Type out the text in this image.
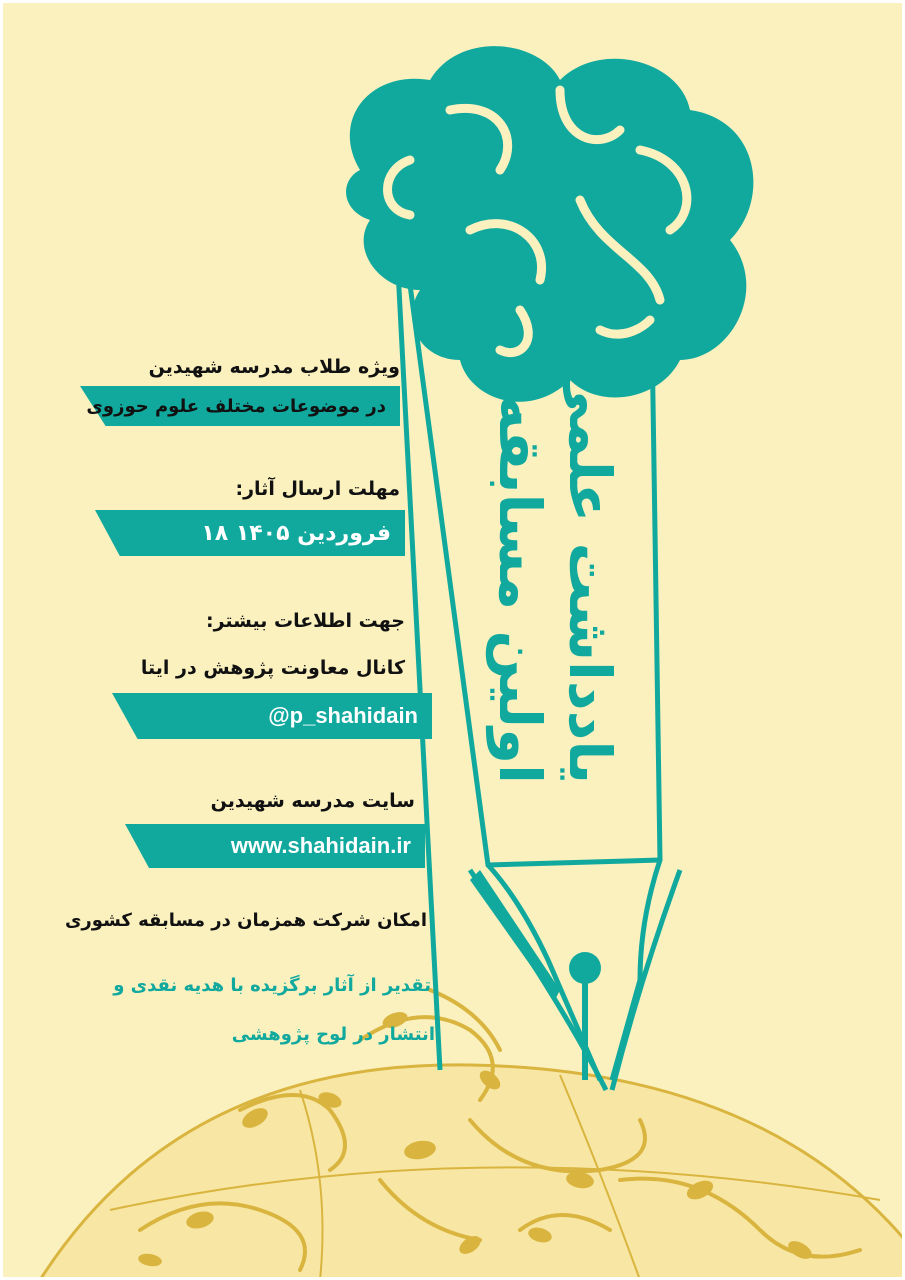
اولین مسابقه یادداشت علمی
ویژه طلاب مدرسه شهیدین
در موضوعات مختلف علوم حوزوی
مهلت ارسال آثار:
۱۸ فروردین ۱۴۰۵
جهت اطلاعات بیشتر:
کانال معاونت پژوهش در ایتا
@p_shahidain
سایت مدرسه شهیدین
www.shahidain.ir
امکان شرکت همزمان در مسابقه کشوری
تقدیر از آثار برگزیده با هدیه نقدی و
انتشار در لوح پژوهشی
